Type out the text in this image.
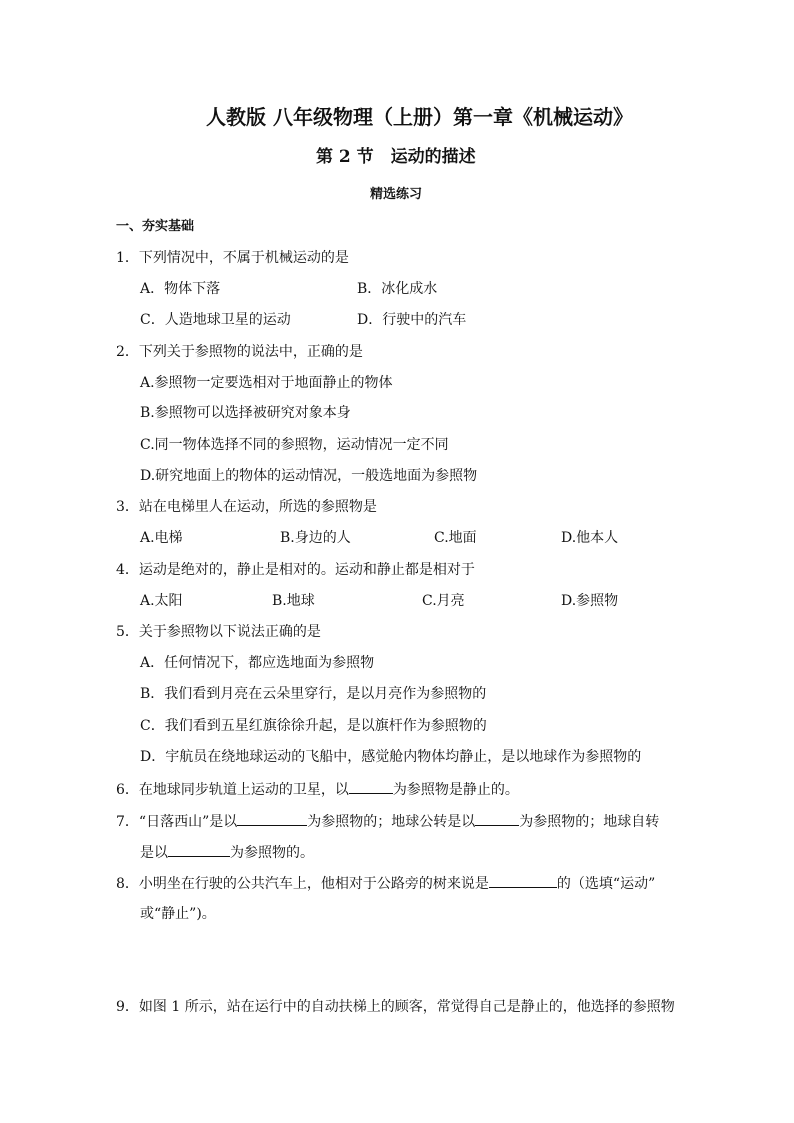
人教版 八年级物理（上册）第一章《机械运动》
第 2 节　运动的描述
精选练习
一、夯实基础
1．下列情况中，不属于机械运动的是
A．物体下落	B．冰化成水
C．人造地球卫星的运动	D．行驶中的汽车
2．下列关于参照物的说法中，正确的是
A.参照物一定要选相对于地面静止的物体
B.参照物可以选择被研究对象本身
C.同一物体选择不同的参照物，运动情况一定不同
D.研究地面上的物体的运动情况，一般选地面为参照物
3．站在电梯里人在运动，所选的参照物是
A.电梯	B.身边的人	C.地面	D.他本人
4．运动是绝对的，静止是相对的。运动和静止都是相对于
A.太阳	B.地球	C.月亮	D.参照物
5．关于参照物以下说法正确的是
A．任何情况下，都应选地面为参照物
B．我们看到月亮在云朵里穿行，是以月亮作为参照物的
C．我们看到五星红旗徐徐升起，是以旗杆作为参照物的
D．宇航员在绕地球运动的飞船中，感觉舱内物体均静止，是以地球作为参照物的
6．在地球同步轨道上运动的卫星，以	为参照物是静止的。
7．“日落西山”是以	为参照物的；地球公转是以	为参照物的；地球自转
是以	为参照物的。
8．小明坐在行驶的公共汽车上，他相对于公路旁的树来说是	的（选填“运动”
或“静止”)。
9．如图 1 所示，站在运行中的自动扶梯上的顾客，常觉得自己是静止的，他选择的参照物
